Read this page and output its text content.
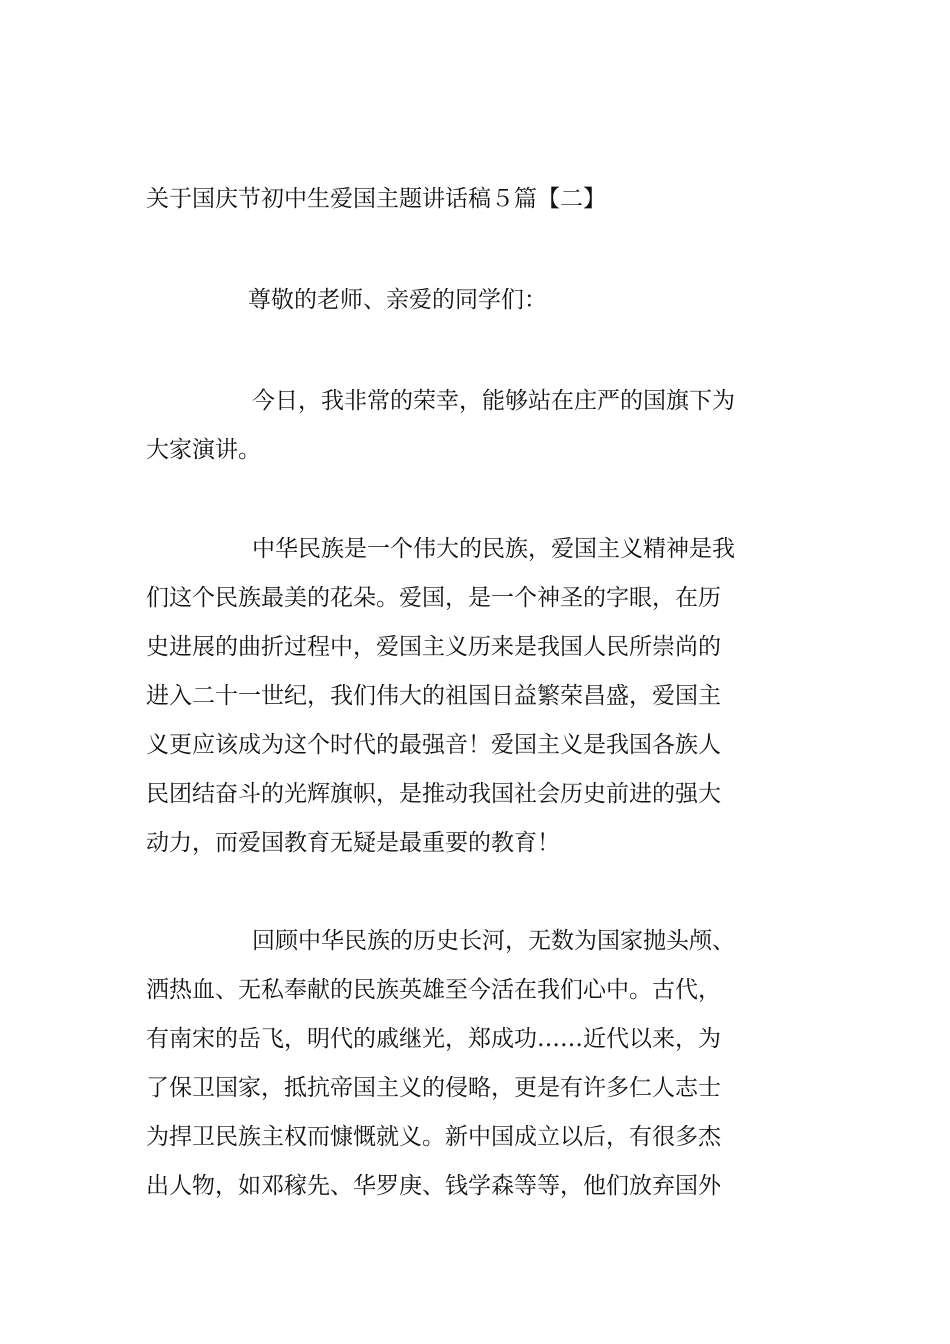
关于国庆节初中生爱国主题讲话稿５篇【二】

尊敬的老师、亲爱的同学们：

今日，我非常的荣幸，能够站在庄严的国旗下为
大家演讲。

中华民族是一个伟大的民族，爱国主义精神是我
们这个民族最美的花朵。爱国，是一个神圣的字眼，在历
史进展的曲折过程中，爱国主义历来是我国人民所崇尚的
进入二十一世纪，我们伟大的祖国日益繁荣昌盛，爱国主
义更应该成为这个时代的最强音！爱国主义是我国各族人
民团结奋斗的光辉旗帜，是推动我国社会历史前进的强大
动力，而爱国教育无疑是最重要的教育！

回顾中华民族的历史长河，无数为国家抛头颅、
洒热血、无私奉献的民族英雄至今活在我们心中。古代，
有南宋的岳飞，明代的戚继光，郑成功……近代以来，为
了保卫国家，抵抗帝国主义的侵略，更是有许多仁人志士
为捍卫民族主权而慷慨就义。新中国成立以后，有很多杰
出人物，如邓稼先、华罗庚、钱学森等等，他们放弃国外
